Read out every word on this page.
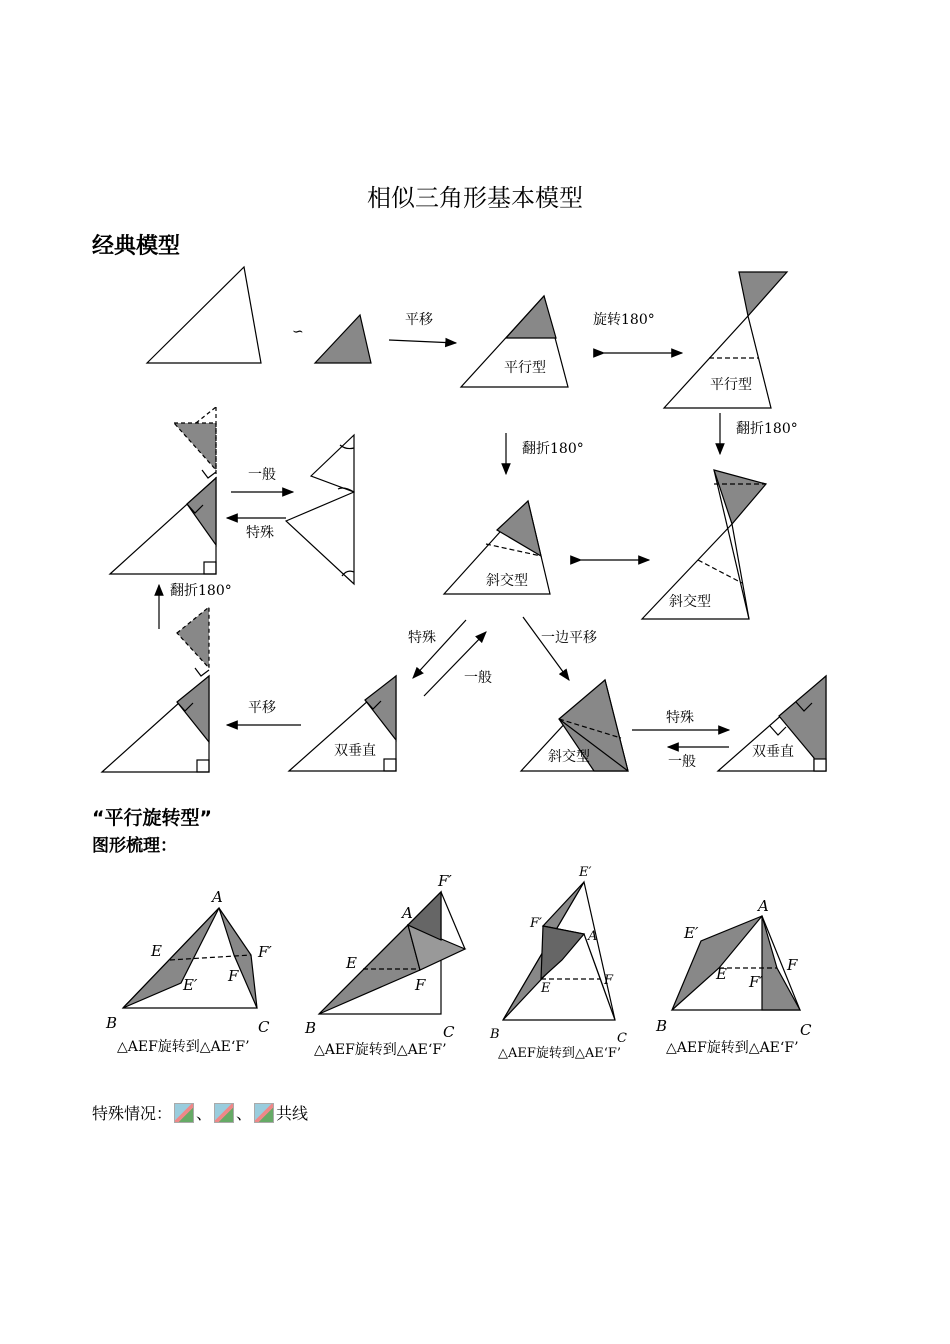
相似三角形基本模型
经典模型
“平行旋转型”
图形梳理：
∽
平移	旋转180°
平行型
平行型
翻折180°
翻折180°
一般
特殊
斜交型
斜交型
翻折180°
特殊
一般
一边平移
平移
双垂直	斜交型
特殊
一般
双垂直
A
E	F′
E′ F
B	C
F′
A
E
F
B	C
E′
F′
A
F
E
B	C
A
E′
F
E F′
B	C
△AEF旋转到△AE‘F’	△AEF旋转到△AE‘F’	△AEF旋转到△AE‘F’	△AEF旋转到△AE‘F’
特殊情况： 、 、 共线
